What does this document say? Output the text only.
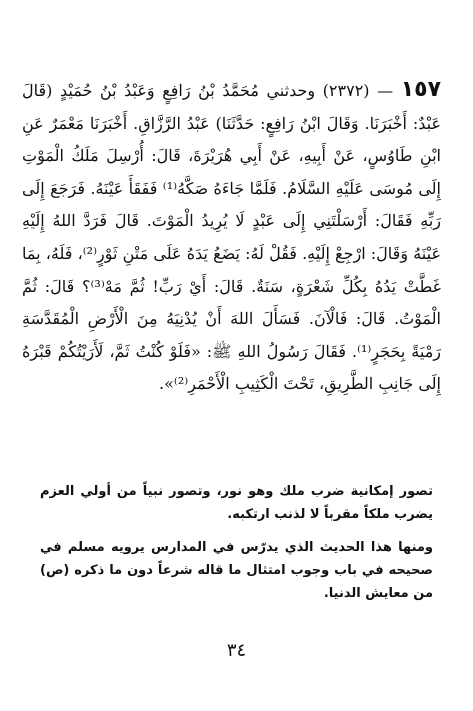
١٥٧ — (٢٣٧٢) وحدثني مُحَمَّدُ بْنُ رَافِعٍ وَعَبْدُ بْنُ حُمَيْدٍ (قَالَ عَبْدٌ: أَخْبَرَنَا. وَقَالَ ابْنُ رَافِعٍ: حَدَّثَنَا) عَبْدُ الرَّزَّاقِ. أَخْبَرَنَا مَعْمَرٌ عَنِ ابْنِ طَاوُسٍ، عَنْ أَبِيهِ، عَنْ أَبِي هُرَيْرَةَ، قَالَ: أُرْسِلَ مَلَكُ الْمَوْتِ إِلَى مُوسَى عَلَيْهِ السَّلَامُ. فَلَمَّا جَاءَهُ صَكَّهُ⁽¹⁾ فَفَقَأَ عَيْنَهُ. فَرَجَعَ إِلَى رَبِّهِ فَقَالَ: أَرْسَلْتَنِي إِلَى عَبْدٍ لَا يُرِيدُ الْمَوْتَ. قَالَ فَرَدَّ اللهُ إِلَيْهِ عَيْنَهُ وَقَالَ: ارْجِعْ إِلَيْهِ. فَقُلْ لَهُ: يَضَعُ يَدَهُ عَلَى مَتْنِ ثَوْرٍ⁽²⁾، فَلَهُ، بِمَا غَطَّتْ يَدُهُ بِكُلِّ شَعْرَةٍ، سَنَةٌ. قَالَ: أَيْ رَبِّ! ثُمَّ مَهْ⁽³⁾؟ قَالَ: ثُمَّ الْمَوْتُ. قَالَ: فَالْآنَ. فَسَأَلَ اللهَ أَنْ يُدْنِيَهُ مِنَ الْأَرْضِ الْمُقَدَّسَةِ رَمْيَةً بِحَجَرٍ⁽¹⁾. فَقَالَ رَسُولُ اللهِ ﷺ: «فَلَوْ كُنْتُ ثَمَّ، لَأَرَيْتُكُمْ قَبْرَهُ إِلَى جَانِبِ الطَّرِيقِ، تَحْتَ الْكَثِيبِ الْأَحْمَرِ⁽²⁾».

تصور إمكانية ضرب ملك وهو نور، وتصور نبياً من أولي العزم يضرب ملكاً مقرباً لا لذنب ارتكبه.

ومنها هذا الحديث الذي يدرّس في المدارس يرويه مسلم في صحيحه في باب وجوب امتثال ما قاله شرعاً دون ما ذكره (ص) من معايش الدنيا.

٣٤
